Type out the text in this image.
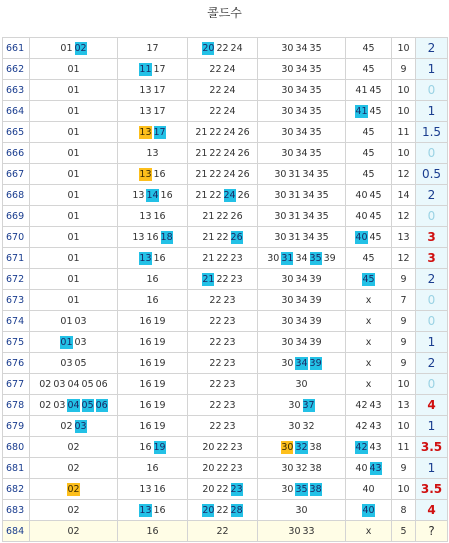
콜드수
661	01 02	17	20 22 24	30 34 35	45	10	2
662	01	11 17	22 24	30 34 35	45	9	1
663	01	13 17	22 24	30 34 35	41 45	10	0
664	01	13 17	22 24	30 34 35	41 45	10	1
665	01	13 17	21 22 24 26	30 34 35	45	11	1.5
666	01	13	21 22 24 26	30 34 35	45	10	0
667	01	13 16	21 22 24 26	30 31 34 35	45	12	0.5
668	01	13 14 16	21 22 24 26	30 31 34 35	40 45	14	2
669	01	13 16	21 22 26	30 31 34 35	40 45	12	0
670	01	13 16 18	21 22 26	30 31 34 35	40 45	13	3
671	01	13 16	21 22 23	30 31 34 35 39	45	12	3
672	01	16	21 22 23	30 34 39	45	9	2
673	01	16	22 23	30 34 39	x	7	0
674	01 03	16 19	22 23	30 34 39	x	9	0
675	01 03	16 19	22 23	30 34 39	x	9	1
676	03 05	16 19	22 23	30 34 39	x	9	2
677	02 03 04 05 06	16 19	22 23	30	x	10	0
678	02 03 04 05 06	16 19	22 23	30 37	42 43	13	4
679	02 03	16 19	22 23	30 32	42 43	10	1
680	02	16 19	20 22 23	30 32 38	42 43	11	3.5
681	02	16	20 22 23	30 32 38	40 43	9	1
682	02	13 16	20 22 23	30 35 38	40	10	3.5
683	02	13 16	20 22 28	30	40	8	4
684	02	16	22	30 33	x	5	?
